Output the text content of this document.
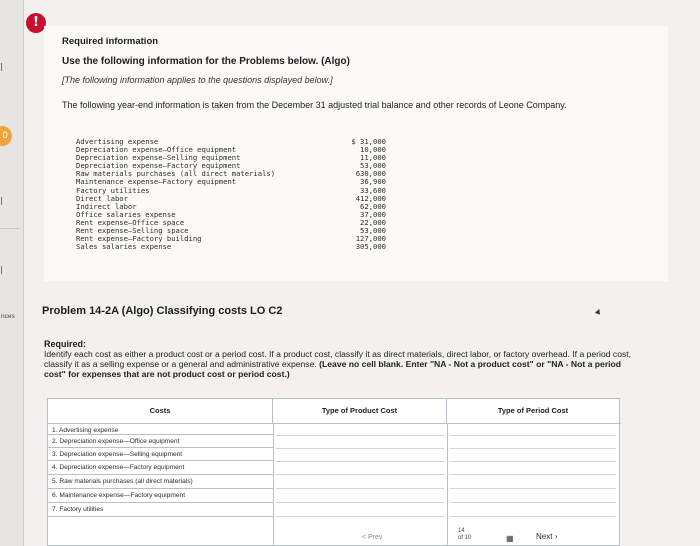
|
0
|
|
nces
!
Required information
Use the following information for the Problems below. (Algo)
[The following information applies to the questions displayed below.]
The following year-end information is taken from the December 31 adjusted trial balance and other records of Leone Company.
Advertising expense	$ 31,000
Depreciation expense—Office equipment	10,000
Depreciation expense—Selling equipment	11,000
Depreciation expense—Factory equipment	53,000
Raw materials purchases (all direct materials)	630,000
Maintenance expense—Factory equipment	36,900
Factory utilities	33,600
Direct labor	412,000
Indirect labor	62,000
Office salaries expense	37,000
Rent expense—Office space	22,000
Rent expense—Selling space	53,000
Rent expense—Factory building	127,000
Sales salaries expense	305,000
Problem 14-2A (Algo) Classifying costs LO C2	▲
Required:
Identify each cost as either a product cost or a period cost. If a product cost, classify it as direct materials, direct labor, or factory overhead. If a period cost, classify it as a selling expense or a general and administrative expense. (Leave no cell blank. Enter "NA - Not a product cost" or "NA - Not a period cost" for expenses that are not product cost or period cost.)
Costs	Type of Product Cost	Type of Period Cost
1. Advertising expense
2. Depreciation expense—Office equipment
3. Depreciation expense—Selling equipment
4. Depreciation expense—Factory equipment
5. Raw materials purchases (all direct materials)
6. Maintenance expense—Factory equipment
7. Factory utilities
< Prev
14
of 10	▦	Next ›
